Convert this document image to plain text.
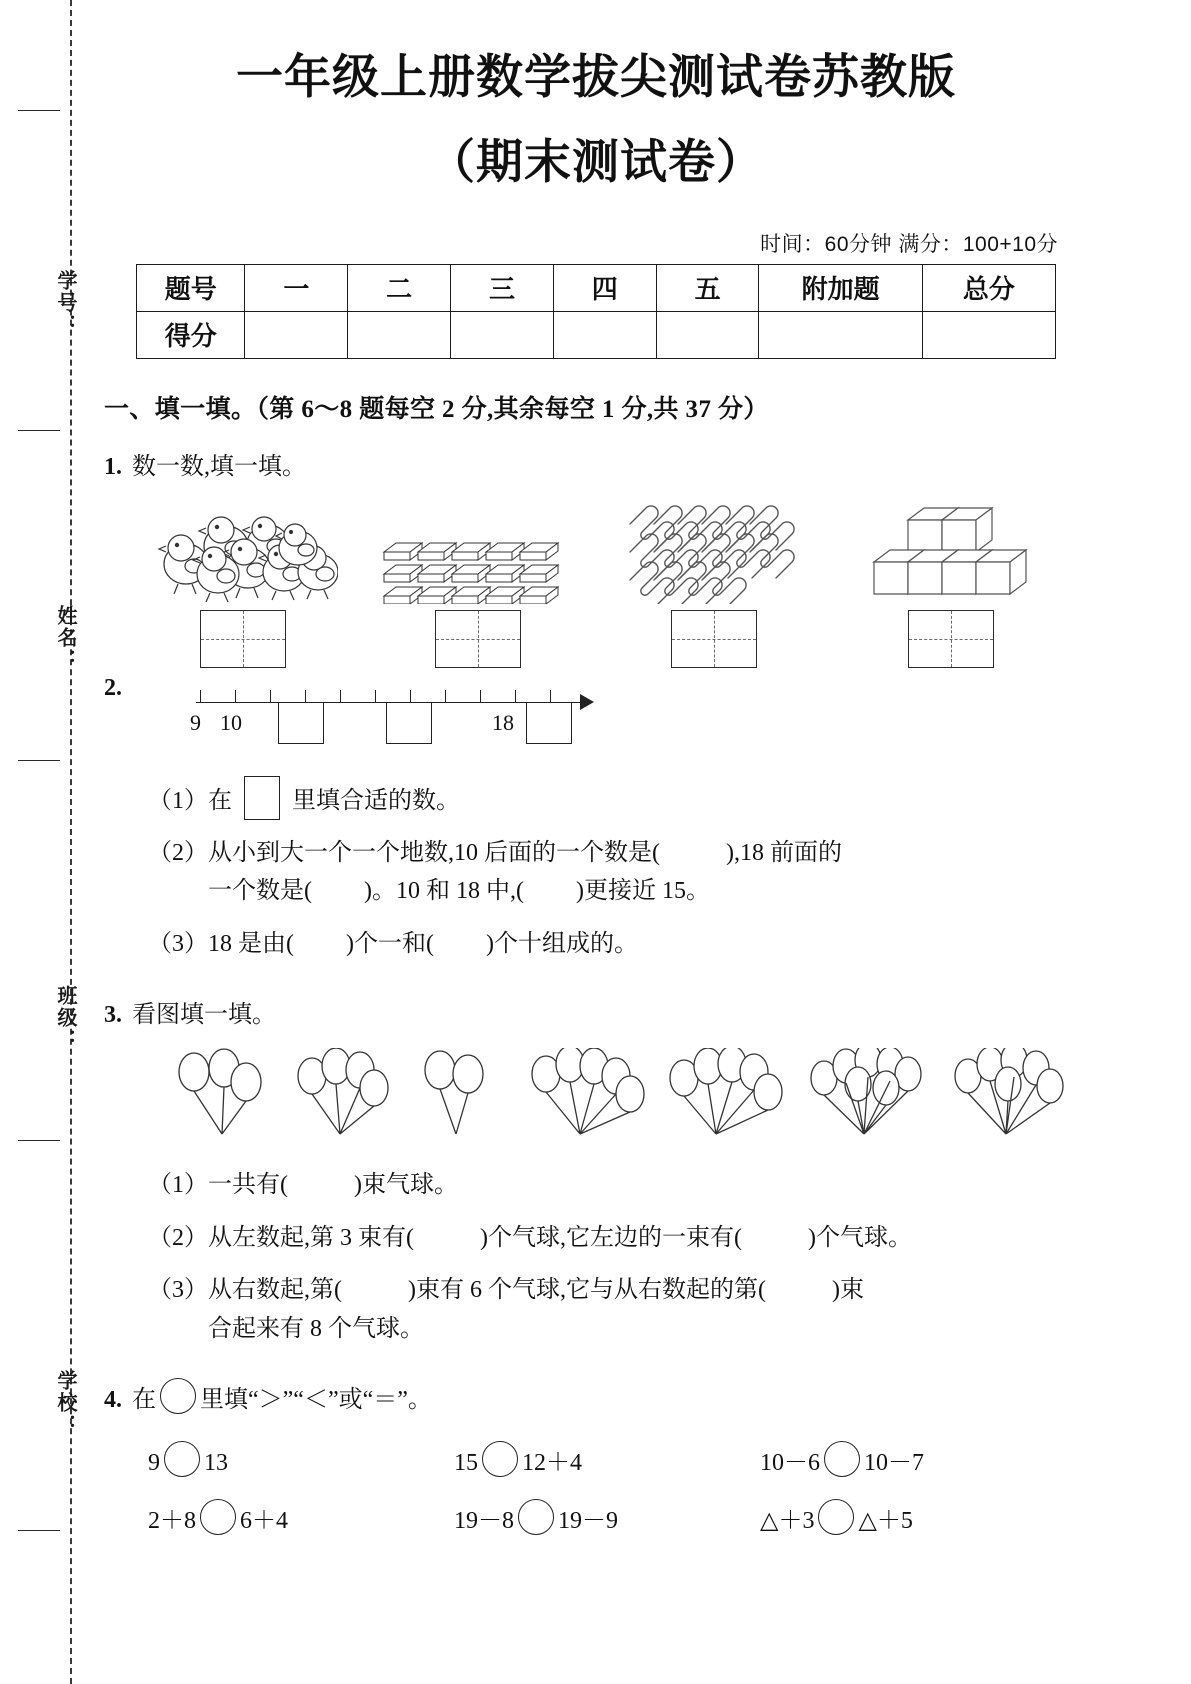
学号：
姓名：
班级：
学校：
一年级上册数学拔尖测试卷苏教版
（期末测试卷）
时间：60分钟 满分：100+10分
题号	一	二	三	四	五	附加题	总分
得分							
一、填一填。（第 6～8 题每空 2 分,其余每空 1 分,共 37 分）
1. 数一数,填一填。
2.
9 10	18
（1）在	里填合适的数。
（2）从小到大一个一个地数,10 后面的一个数是(	),18 前面的
一个数是( )。10 和 18 中,( )更接近 15。
（3）18 是由( )个一和( )个十组成的。
3. 看图填一填。
（1）一共有(	)束气球。
（2）从左数起,第 3 束有(	)个气球,它左边的一束有(	)个气球。
（3）从右数起,第(	)束有 6 个气球,它与从右数起的第(	)束
合起来有 8 个气球。
4. 在 里填“＞”“＜”或“＝”。
9 13	15 12＋4	10－6 10－7
2＋8 6＋4	19－8 19－9	△＋3 △＋5
